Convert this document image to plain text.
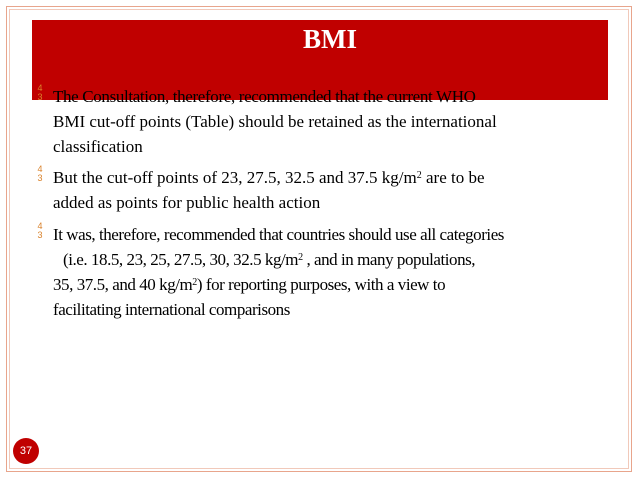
BMI
4
3 The Consultation, therefore, recommended that the current WHO
BMI cut-off points (Table) should be retained as the international
classification
4
3 But the cut-off points of 23, 27.5, 32.5 and 37.5 $kg/m^2$ are to be
added as points for public health action
4
3 It was, therefore, recommended that countries should use all categories
(i.e. 18.5, 23, 25, 27.5, 30, 32.5 $kg/m^2$ , and in many populations,
35, 37.5, and 40 $kg/m^2$) for reporting purposes, with a view to
facilitating international comparisons
37
